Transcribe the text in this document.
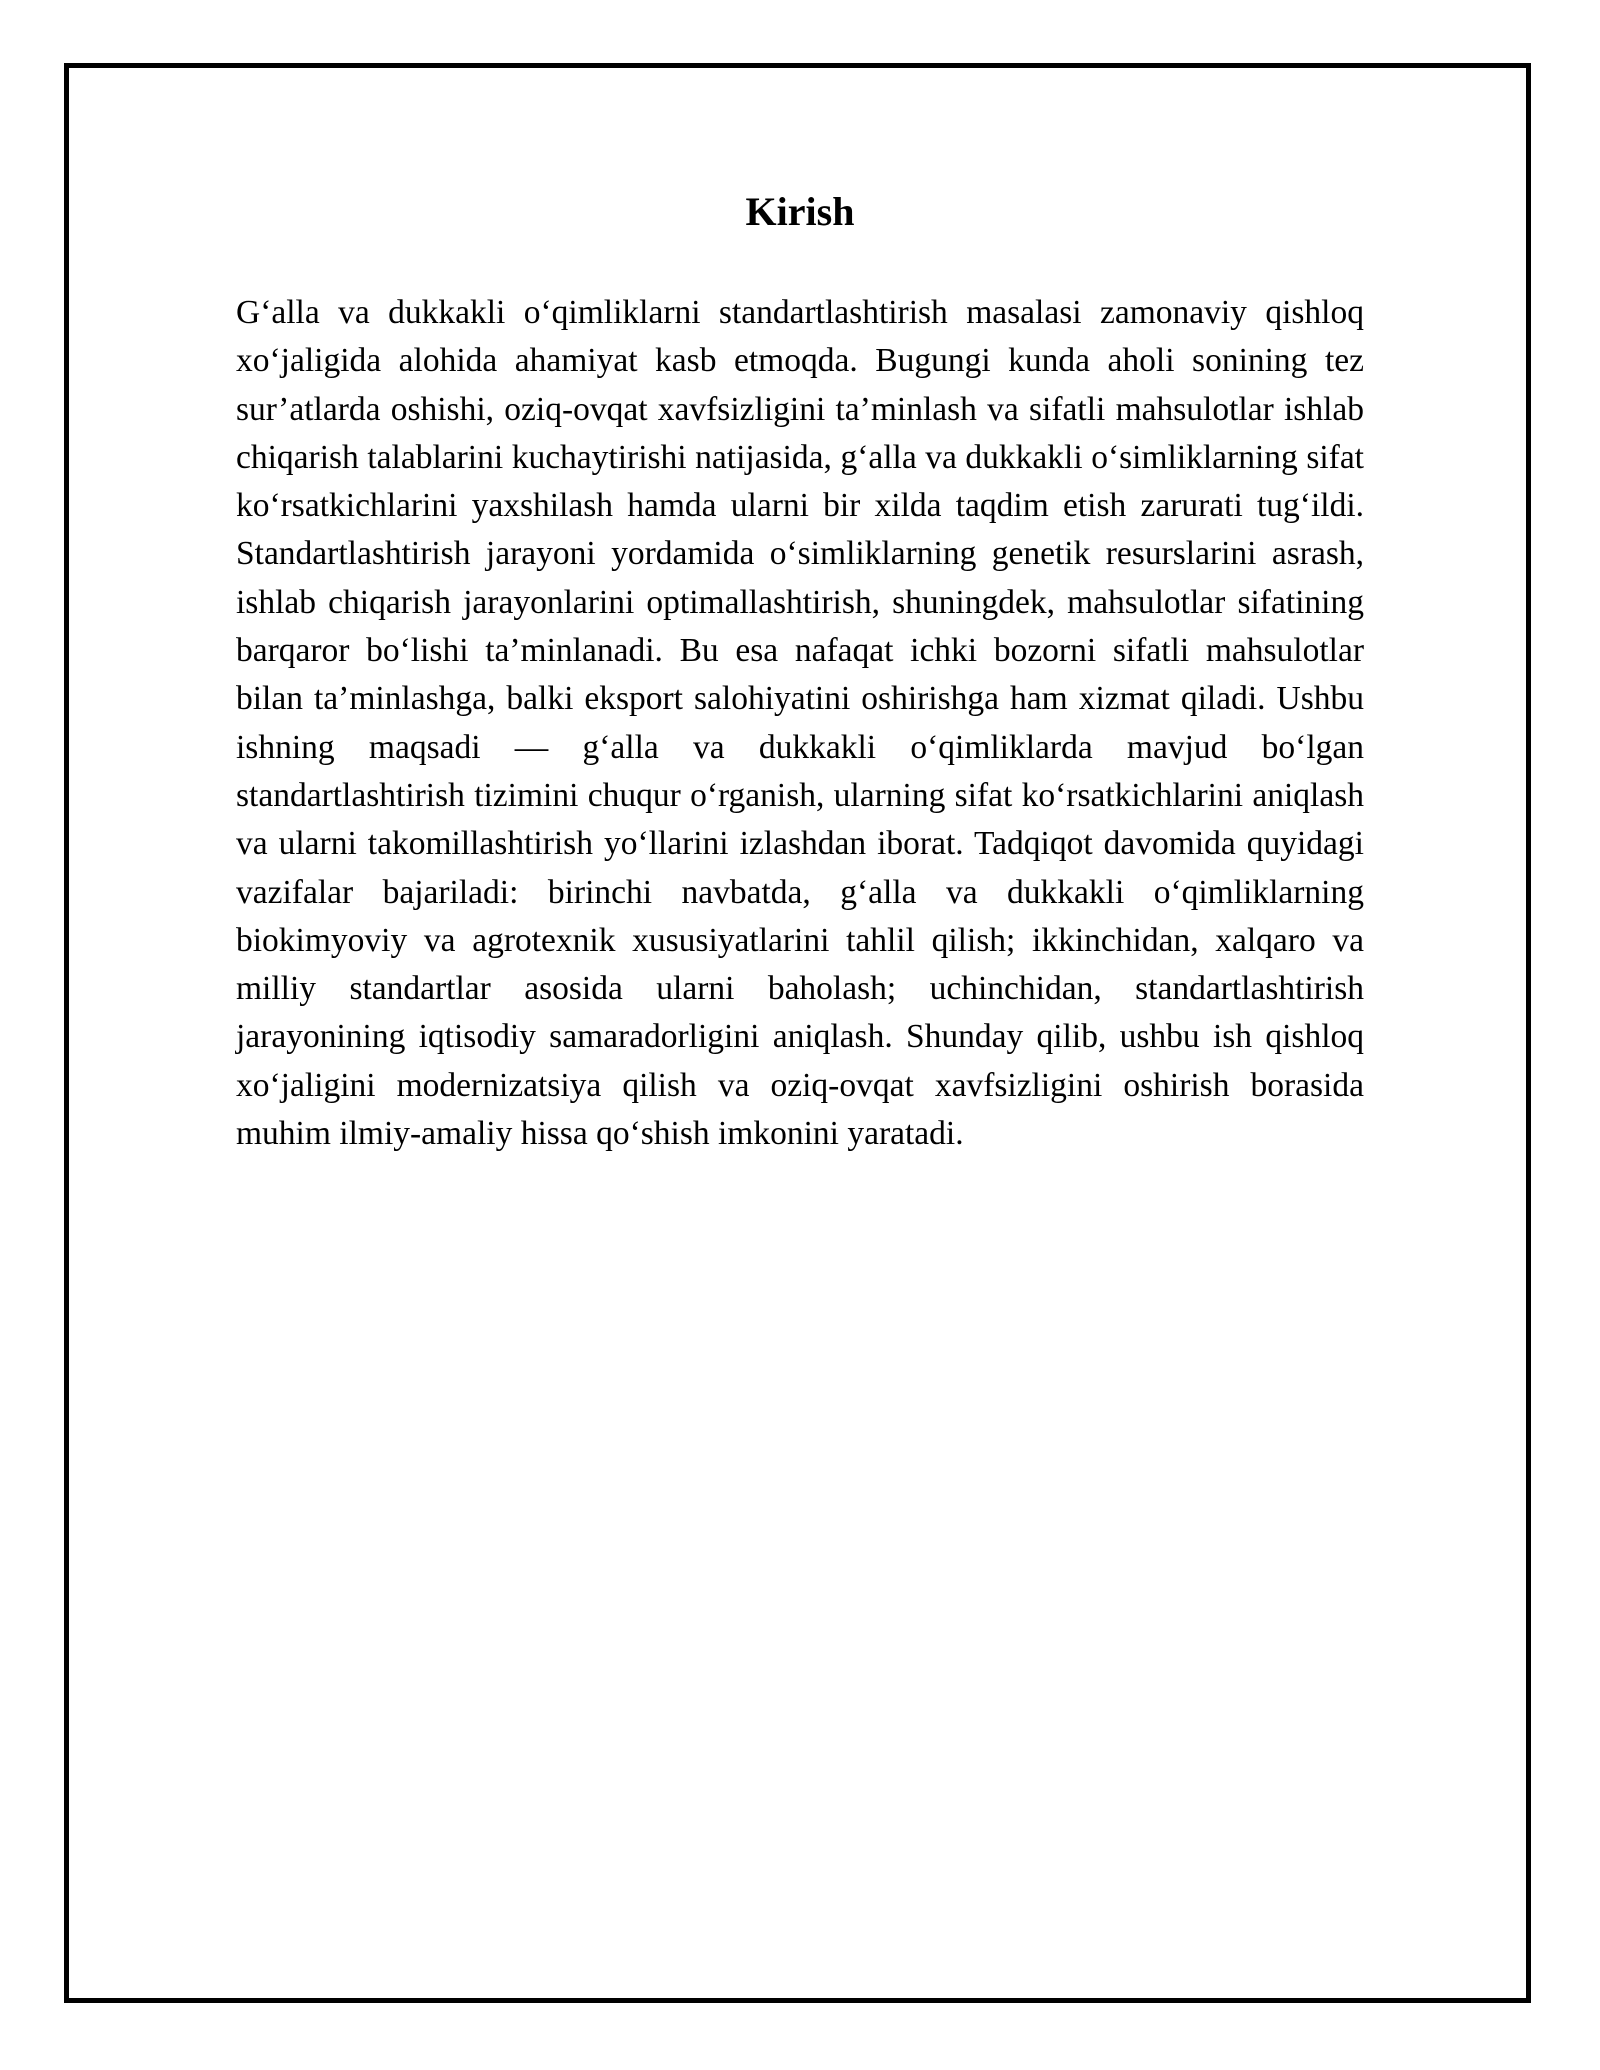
Kirish

G‘alla va dukkakli o‘qimliklarni standartlashtirish masalasi zamonaviy qishloq xo‘jaligida alohida ahamiyat kasb etmoqda. Bugungi kunda aholi sonining tez sur’atlarda oshishi, oziq-ovqat xavfsizligini ta’minlash va sifatli mahsulotlar ishlab chiqarish talablarini kuchaytirishi natijasida, g‘alla va dukkakli o‘simliklarning sifat ko‘rsatkichlarini yaxshilash hamda ularni bir xilda taqdim etish zarurati tug‘ildi. Standartlashtirish jarayoni yordamida o‘simliklarning genetik resurslarini asrash, ishlab chiqarish jarayonlarini optimallashtirish, shuningdek, mahsulotlar sifatining barqaror bo‘lishi ta’minlanadi. Bu esa nafaqat ichki bozorni sifatli mahsulotlar bilan ta’minlashga, balki eksport salohiyatini oshirishga ham xizmat qiladi. Ushbu ishning maqsadi — g‘alla va dukkakli o‘qimliklarda mavjud bo‘lgan standartlashtirish tizimini chuqur o‘rganish, ularning sifat ko‘rsatkichlarini aniqlash va ularni takomillashtirish yo‘llarini izlashdan iborat. Tadqiqot davomida quyidagi vazifalar bajariladi: birinchi navbatda, g‘alla va dukkakli o‘qimliklarning biokimyoviy va agrotexnik xususiyatlarini tahlil qilish; ikkinchidan, xalqaro va milliy standartlar asosida ularni baholash; uchinchidan, standartlashtirish jarayonining iqtisodiy samaradorligini aniqlash. Shunday qilib, ushbu ish qishloq xo‘jaligini modernizatsiya qilish va oziq-ovqat xavfsizligini oshirish borasida muhim ilmiy-amaliy hissa qo‘shish imkonini yaratadi.
